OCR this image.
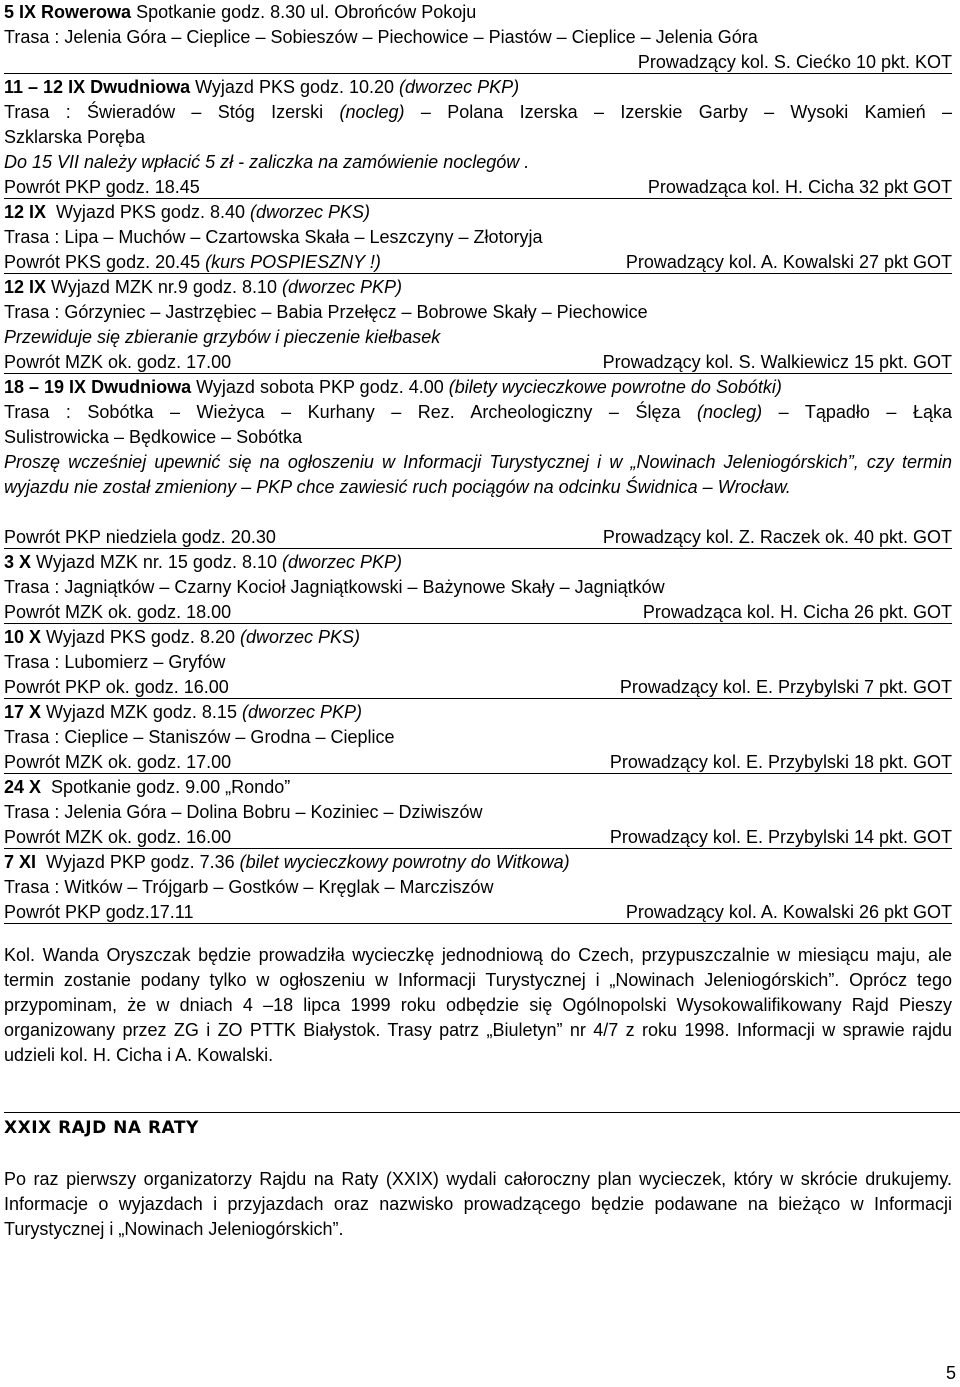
5 IX Rowerowa Spotkanie godz. 8.30 ul. Obrońców Pokoju
Trasa : Jelenia Góra – Cieplice – Sobieszów – Piechowice – Piastów – Cieplice – Jelenia Góra
Prowadzący kol. S. Ciećko 10 pkt. KOT
11 – 12 IX Dwudniowa Wyjazd PKS godz. 10.20 (dworzec PKP)
Trasa : Świeradów – Stóg Izerski (nocleg) – Polana Izerska – Izerskie Garby – Wysoki Kamień –
Szklarska Poręba
Do 15 VII należy wpłacić 5 zł - zaliczka na zamówienie noclegów .
Powrót PKP godz. 18.45	Prowadząca kol. H. Cicha 32 pkt GOT
12 IX Wyjazd PKS godz. 8.40 (dworzec PKS)
Trasa : Lipa – Muchów – Czartowska Skała – Leszczyny – Złotoryja
Powrót PKS godz. 20.45 (kurs POSPIESZNY !)	Prowadzący kol. A. Kowalski 27 pkt GOT
12 IX Wyjazd MZK nr.9 godz. 8.10 (dworzec PKP)
Trasa : Górzyniec – Jastrzębiec – Babia Przełęcz – Bobrowe Skały – Piechowice
Przewiduje się zbieranie grzybów i pieczenie kiełbasek
Powrót MZK ok. godz. 17.00	Prowadzący kol. S. Walkiewicz 15 pkt. GOT
18 – 19 IX Dwudniowa Wyjazd sobota PKP godz. 4.00 (bilety wycieczkowe powrotne do Sobótki)
Trasa : Sobótka – Wieżyca – Kurhany – Rez. Archeologiczny – Ślęza (nocleg) – Tąpadło – Łąka
Sulistrowicka – Będkowice – Sobótka
Proszę wcześniej upewnić się na ogłoszeniu w Informacji Turystycznej i w „Nowinach Jeleniogórskich”, czy termin wyjazdu nie został zmieniony – PKP chce zawiesić ruch pociągów na odcinku Świdnica – Wrocław.
Powrót PKP niedziela godz. 20.30	Prowadzący kol. Z. Raczek ok. 40 pkt. GOT
3 X Wyjazd MZK nr. 15 godz. 8.10 (dworzec PKP)
Trasa : Jagniątków – Czarny Kocioł Jagniątkowski – Bażynowe Skały – Jagniątków
Powrót MZK ok. godz. 18.00	Prowadząca kol. H. Cicha 26 pkt. GOT
10 X Wyjazd PKS godz. 8.20 (dworzec PKS)
Trasa : Lubomierz – Gryfów
Powrót PKP ok. godz. 16.00	Prowadzący kol. E. Przybylski 7 pkt. GOT
17 X Wyjazd MZK godz. 8.15 (dworzec PKP)
Trasa : Cieplice – Staniszów – Grodna – Cieplice
Powrót MZK ok. godz. 17.00	Prowadzący kol. E. Przybylski 18 pkt. GOT
24 X Spotkanie godz. 9.00 „Rondo”
Trasa : Jelenia Góra – Dolina Bobru – Koziniec – Dziwiszów
Powrót MZK ok. godz. 16.00	Prowadzący kol. E. Przybylski 14 pkt. GOT
7 XI Wyjazd PKP godz. 7.36 (bilet wycieczkowy powrotny do Witkowa)
Trasa : Witków – Trójgarb – Gostków – Kręglak – Marcziszów
Powrót PKP godz.17.11	Prowadzący kol. A. Kowalski 26 pkt GOT
Kol. Wanda Oryszczak będzie prowadziła wycieczkę jednodniową do Czech, przypuszczalnie w miesiącu maju, ale termin zostanie podany tylko w ogłoszeniu w Informacji Turystycznej i „Nowinach Jeleniogórskich”. Oprócz tego przypominam, że w dniach 4 –18 lipca 1999 roku odbędzie się Ogólnopolski Wysokowalifikowany Rajd Pieszy organizowany przez ZG i ZO PTTK Białystok. Trasy patrz „Biuletyn” nr 4/7 z roku 1998. Informacji w sprawie rajdu udzieli kol. H. Cicha i A. Kowalski.
XXIX RAJD NA RATY
Po raz pierwszy organizatorzy Rajdu na Raty (XXIX) wydali całoroczny plan wycieczek, który w skrócie drukujemy. Informacje o wyjazdach i przyjazdach oraz nazwisko prowadzącego będzie podawane na bieżąco w Informacji Turystycznej i „Nowinach Jeleniogórskich”.
5
